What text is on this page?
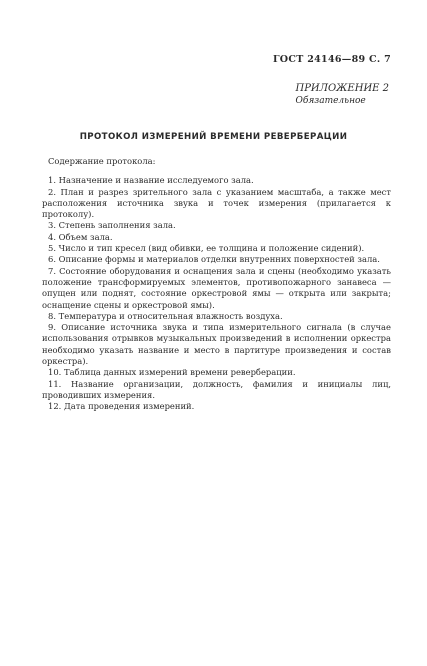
ГОСТ 24146—89 С. 7
ПРИЛОЖЕНИЕ 2
Обязательное
ПРОТОКОЛ ИЗМЕРЕНИЙ ВРЕМЕНИ РЕВЕРБЕРАЦИИ
Содержание протокола:
1. Назначение и название исследуемого зала.
2. План и разрез зрительного зала с указанием масштаба, а также мест расположения источника звука и точек измерения (прилагается к протоколу).
3. Степень заполнения зала.
4. Объем зала.
5. Число и тип кресел (вид обивки, ее толщина и положение сидений).
6. Описание формы и материалов отделки внутренних поверхностей зала.
7. Состояние оборудования и оснащения зала и сцены (необходимо указать положение трансформируемых элементов, противопожарного занавеса — опущен или поднят, состояние оркестровой ямы — открыта или закрыта; оснащение сцены и оркестровой ямы).
8. Температура и относительная влажность воздуха.
9. Описание источника звука и типа измерительного сигнала (в случае использования отрывков музыкальных произведений в исполнении оркестра необходимо указать название и место в партитуре произведения и состав оркестра).
10. Таблица данных измерений времени реверберации.
11. Название организации, должность, фамилия и инициалы лиц, проводивших измерения.
12. Дата проведения измерений.
